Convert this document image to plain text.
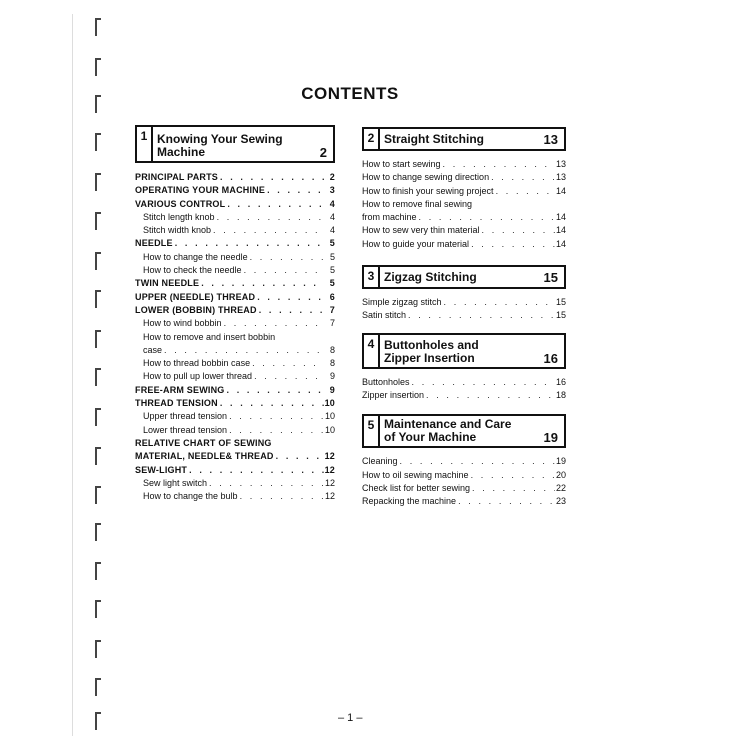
CONTENTS
1 Knowing Your Sewing
Machine	2
PRINCIPAL PARTS . . .	2
OPERATING YOUR MACHINE . . .	3
VARIOUS CONTROL . . .	4
Stitch length knob . . .	4
Stitch width knob . . .	4
NEEDLE . . .	5
How to change the needle . . .	5
How to check the needle . . .	5
TWIN NEEDLE . . .	5
UPPER (NEEDLE) THREAD . . .	6
LOWER (BOBBIN) THREAD . . .	7
How to wind bobbin . . .	7
How to remove and insert bobbin
case . . .	8
How to thread bobbin case . . .	8
How to pull up lower thread . . .	9
FREE-ARM SEWING . . .	9
THREAD TENSION . . .	10
Upper thread tension . . .	10
Lower thread tension . . .	10
RELATIVE CHART OF SEWING
MATERIAL, NEEDLE& THREAD . . .	12
SEW-LIGHT . . .	12
Sew light switch . . .	12
How to change the bulb . . .	12
2 Straight Stitching	13
How to start sewing . . .	13
How to change sewing direction . . .	13
How to finish your sewing project . . .	14
How to remove final sewing
from machine . . .	14
How to sew very thin material . . .	14
How to guide your material . . .	14
3 Zigzag Stitching	15
Simple zigzag stitch . . .	15
Satin stitch . . .	15
4 Buttonholes and
Zipper Insertion	16
Buttonholes . . .	16
Zipper insertion . . .	18
5 Maintenance and Care
of Your Machine	19
Cleaning . . .	19
How to oil sewing machine . . .	20
Check list for better sewing . . .	22
Repacking the machine . . .	23
– 1 –
